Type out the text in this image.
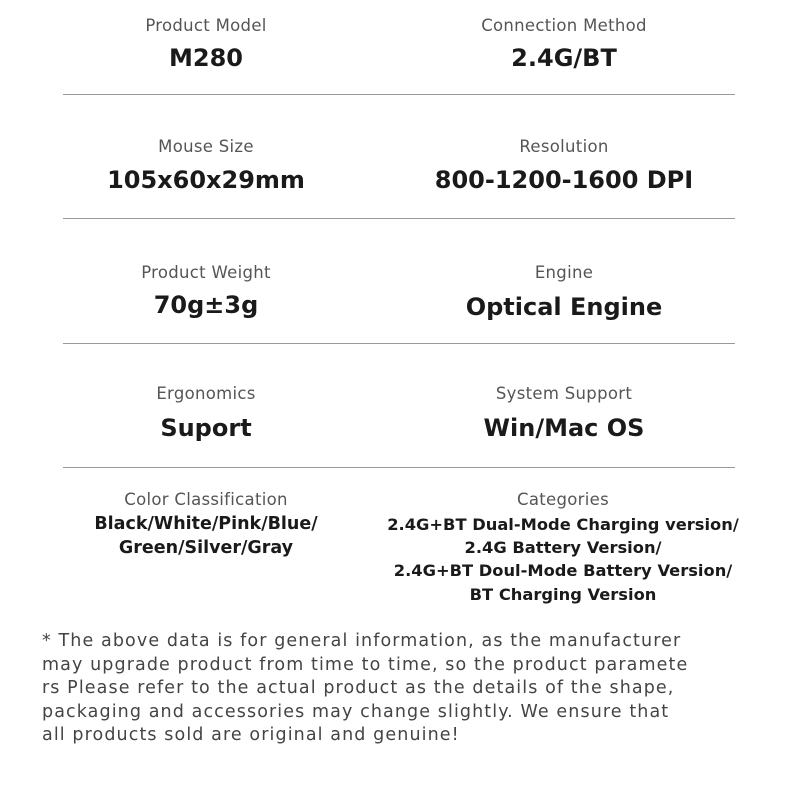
Product Model
M280
Connection Method
2.4G/BT
Mouse Size
105x60x29mm
Resolution
800-1200-1600 DPI
Product Weight
70g±3g
Engine
Optical Engine
Ergonomics
Suport
System Support
Win/Mac OS
Color Classification
Black/White/Pink/Blue/
Green/Silver/Gray
Categories
2.4G+BT Dual-Mode Charging version/
2.4G Battery Version/
2.4G+BT Doul-Mode Battery Version/
BT Charging Version
* The above data is for general information, as the manufacturer
may upgrade product from time to time, so the product paramete
rs Please refer to the actual product as the details of the shape,
packaging and accessories may change slightly. We ensure that
all products sold are original and genuine!
